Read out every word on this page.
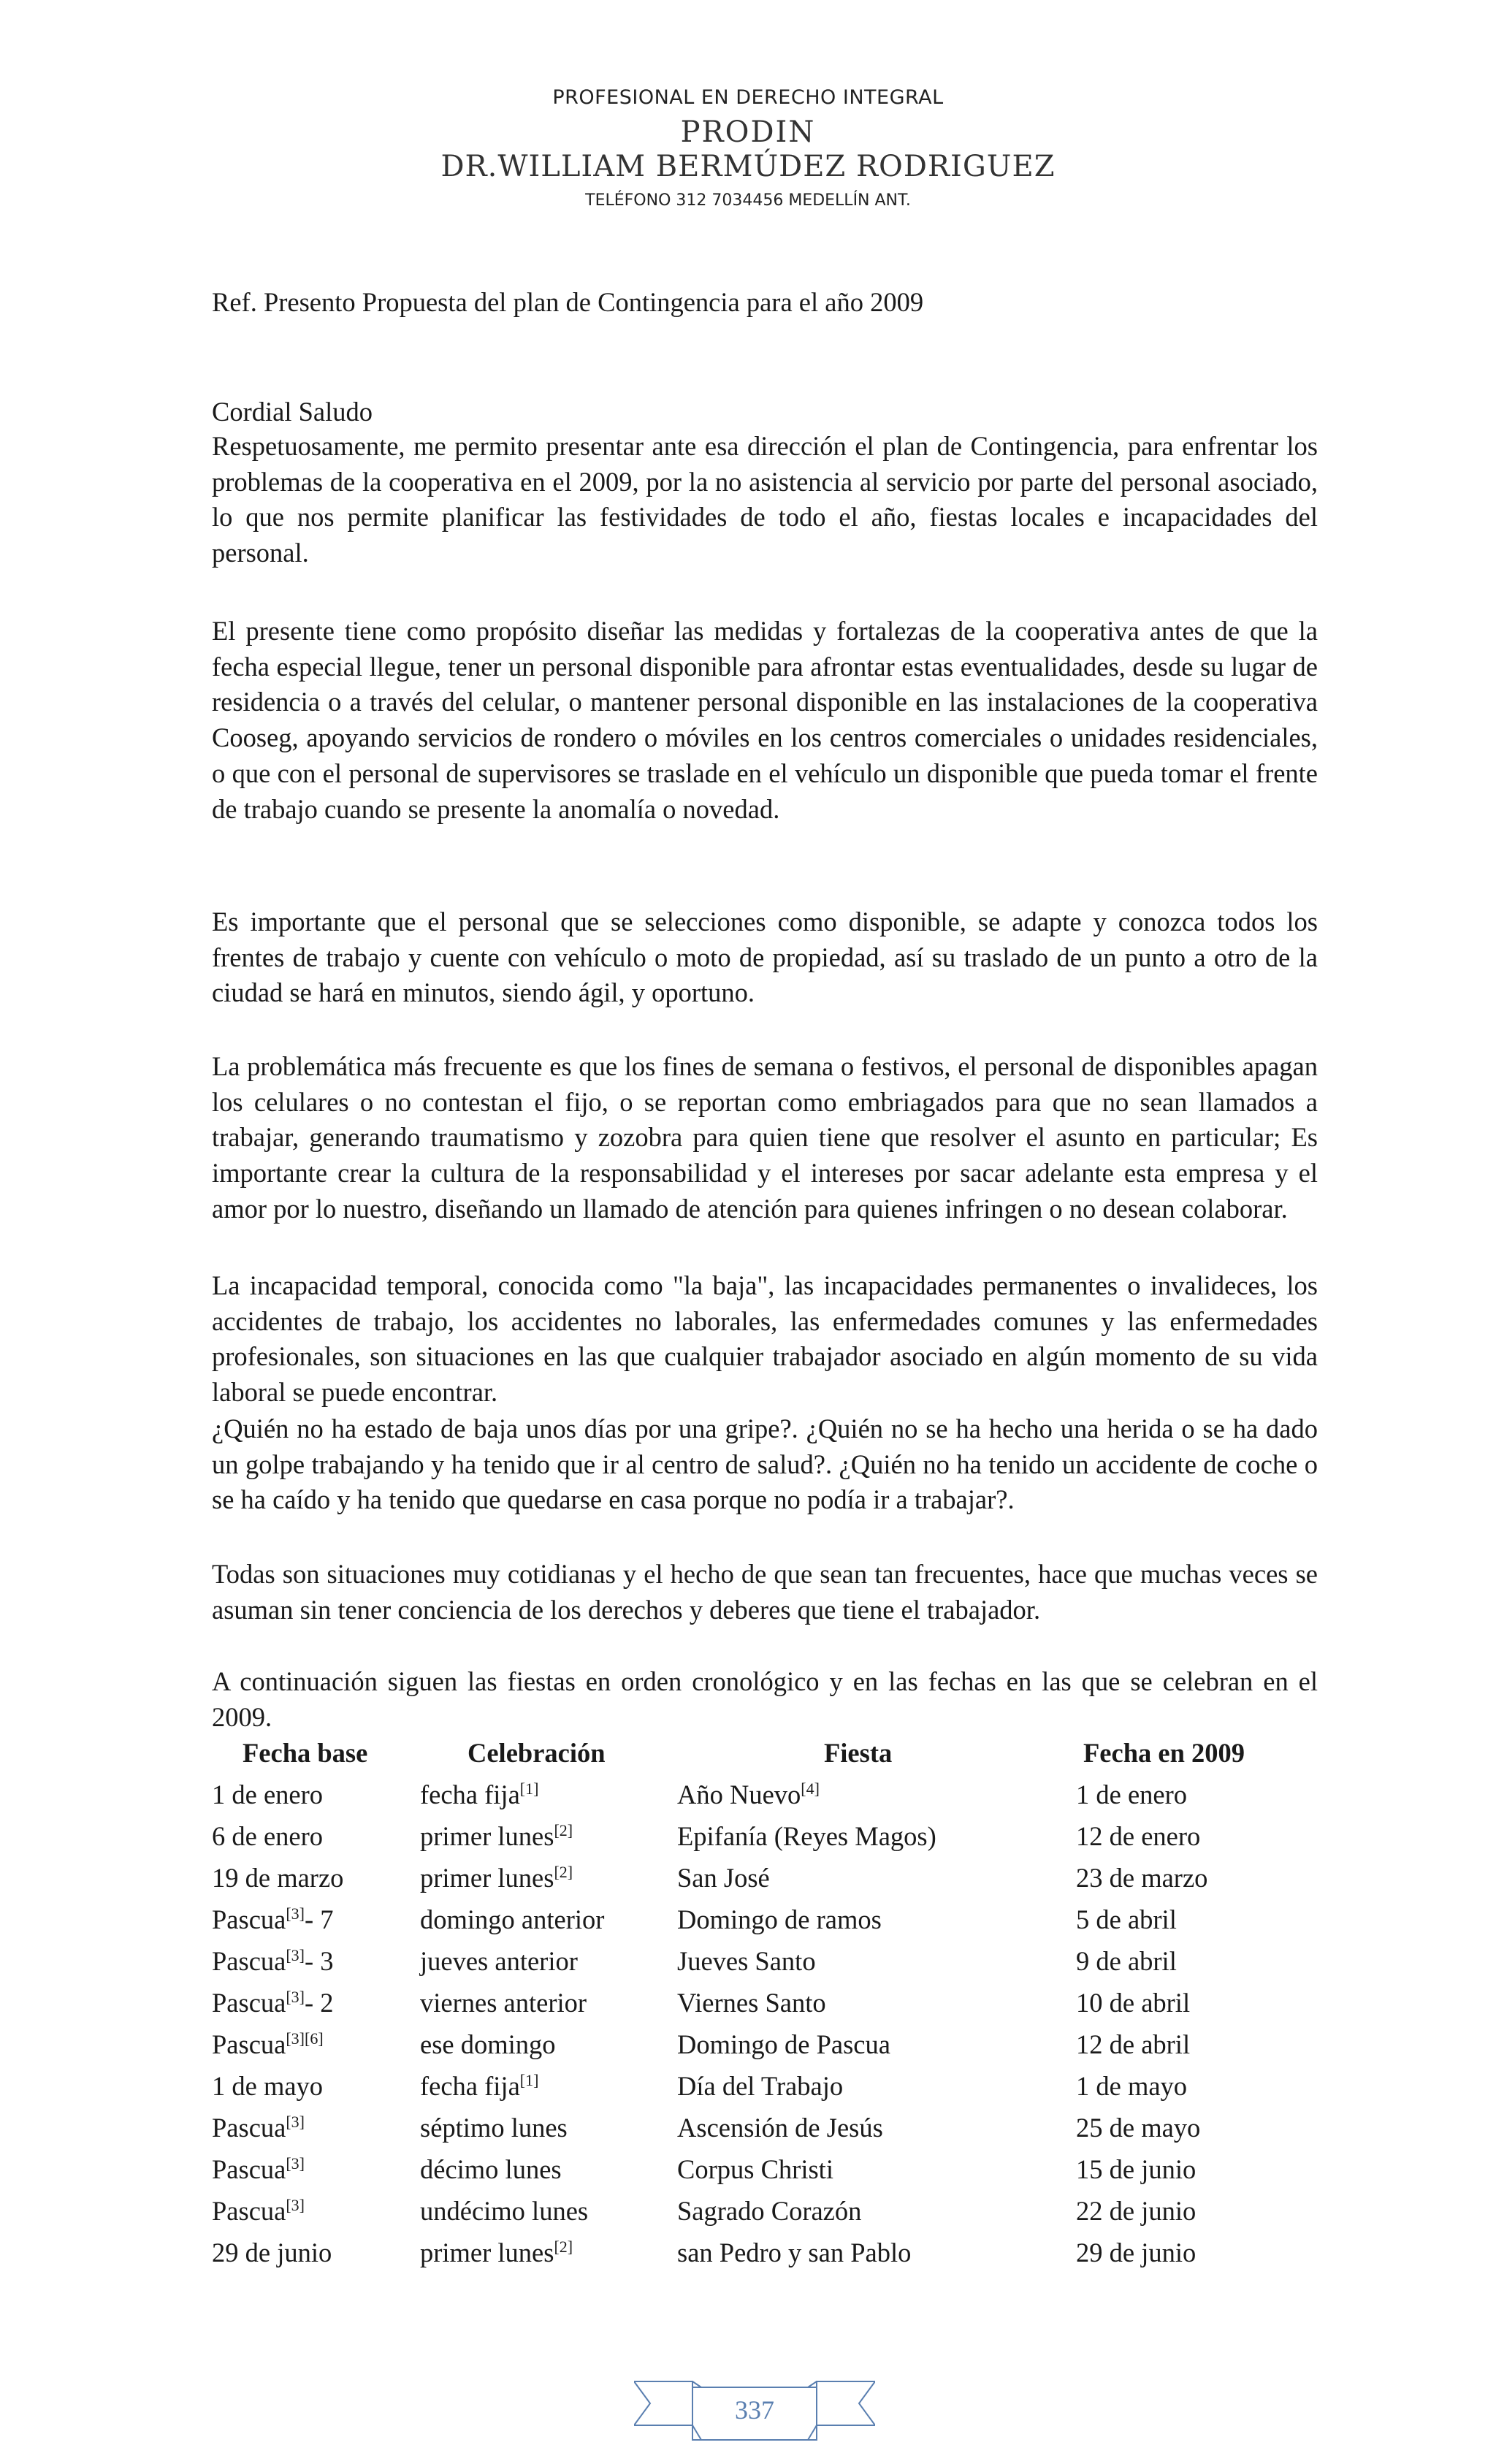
PROFESIONAL EN DERECHO INTEGRAL
PRODIN
DR.WILLIAM BERMÚDEZ RODRIGUEZ
TELÉFONO 312 7034456 MEDELLÍN ANT.
Ref. Presento Propuesta del plan de Contingencia para el año 2009
Cordial Saludo

Respetuosamente, me permito presentar ante esa dirección el plan de Contingencia, para enfrentar los problemas de la cooperativa en el 2009, por la no asistencia al servicio por parte del personal asociado, lo que nos permite planificar las festividades de todo el año, fiestas locales e incapacidades del personal.

El presente tiene como propósito diseñar las medidas y fortalezas de la cooperativa antes de que la fecha especial llegue, tener un personal disponible para afrontar estas eventualidades, desde su lugar de residencia o a través del celular, o mantener personal disponible en las instalaciones de la cooperativa Cooseg, apoyando servicios de rondero o móviles en los centros comerciales o unidades residenciales, o que con el personal de supervisores se traslade en el vehículo un disponible que pueda tomar el frente de trabajo cuando se presente la anomalía o novedad.

Es importante que el personal que se selecciones como disponible, se adapte y conozca todos los frentes de trabajo y cuente con vehículo o moto de propiedad, así su traslado de un punto a otro de la ciudad se hará en minutos, siendo ágil, y oportuno.

La problemática más frecuente es que los fines de semana o festivos, el personal de disponibles apagan los celulares o no contestan el fijo, o se reportan como embriagados para que no sean llamados a trabajar, generando traumatismo y zozobra para quien tiene que resolver el asunto en particular; Es importante crear la cultura de la responsabilidad y el intereses por sacar adelante esta empresa y el amor por lo nuestro, diseñando un llamado de atención para quienes infringen o no desean colaborar.

La incapacidad temporal, conocida como "la baja", las incapacidades permanentes o invalideces, los accidentes de trabajo, los accidentes no laborales, las enfermedades comunes y las enfermedades profesionales, son situaciones en las que cualquier trabajador asociado en algún momento de su vida laboral se puede encontrar.

¿Quién no ha estado de baja unos días por una gripe?. ¿Quién no se ha hecho una herida o se ha dado un golpe trabajando y ha tenido que ir al centro de salud?. ¿Quién no ha tenido un accidente de coche o se ha caído y ha tenido que quedarse en casa porque no podía ir a trabajar?.

Todas son situaciones muy cotidianas y el hecho de que sean tan frecuentes, hace que muchas veces se asuman sin tener conciencia de los derechos y deberes que tiene el trabajador.

A continuación siguen las fiestas en orden cronológico y en las fechas en las que se celebran en el 2009.

Fecha base	Celebración	Fiesta	Fecha en 2009
1 de enero	fecha fija[1]	Año Nuevo[4]	1 de enero
6 de enero	primer lunes[2]	Epifanía (Reyes Magos)	12 de enero
19 de marzo	primer lunes[2]	San José	23 de marzo
Pascua[3]- 7	domingo anterior	Domingo de ramos	5 de abril
Pascua[3]- 3	jueves anterior	Jueves Santo	9 de abril
Pascua[3]- 2	viernes anterior	Viernes Santo	10 de abril
Pascua[3][6]	ese domingo	Domingo de Pascua	12 de abril
1 de mayo	fecha fija[1]	Día del Trabajo	1 de mayo
Pascua[3]	séptimo lunes	Ascensión de Jesús	25 de mayo
Pascua[3]	décimo lunes	Corpus Christi	15 de junio
Pascua[3]	undécimo lunes	Sagrado Corazón	22 de junio
29 de junio	primer lunes[2]	san Pedro y san Pablo	29 de junio
337
